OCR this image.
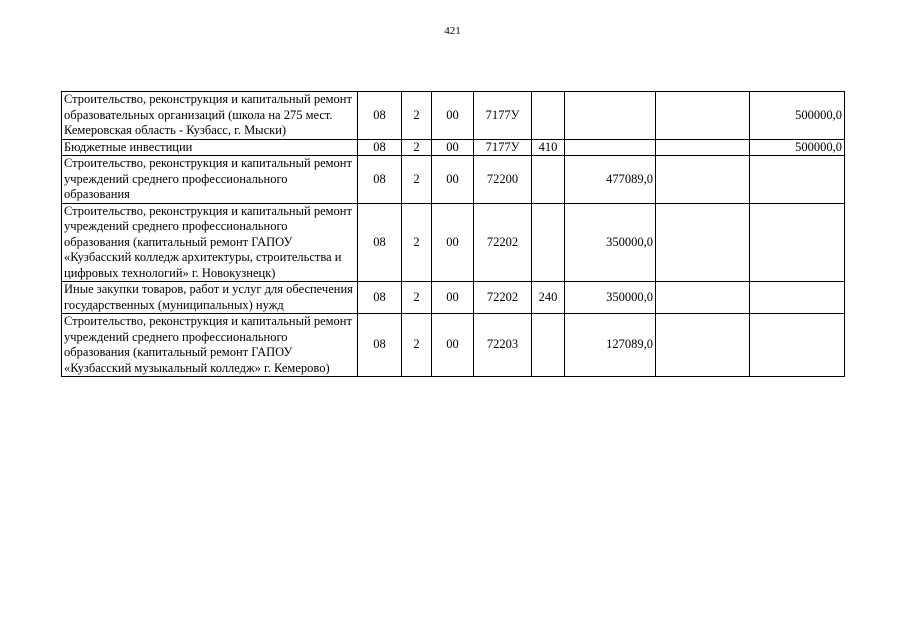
421
Строительство, реконструкция и капитальный ремонт образовательных организаций (школа на 275 мест. Кемеровская область - Кузбасс, г. Мыски)	08	2	00	7177У				500000,0
Бюджетные инвестиции	08	2	00	7177У	410			500000,0
Строительство, реконструкция и капитальный ремонт учреждений среднего профессионального образования	08	2	00	72200		477089,0		
Строительство, реконструкция и капитальный ремонт учреждений среднего профессионального образования (капитальный ремонт ГАПОУ «Кузбасский колледж архитектуры, строительства и цифровых технологий» г. Новокузнецк)	08	2	00	72202		350000,0		
Иные закупки товаров, работ и услуг для обеспечения государственных (муниципальных) нужд	08	2	00	72202	240	350000,0		
Строительство, реконструкция и капитальный ремонт учреждений среднего профессионального образования (капитальный ремонт ГАПОУ «Кузбасский музыкальный колледж» г. Кемерово)	08	2	00	72203		127089,0		
